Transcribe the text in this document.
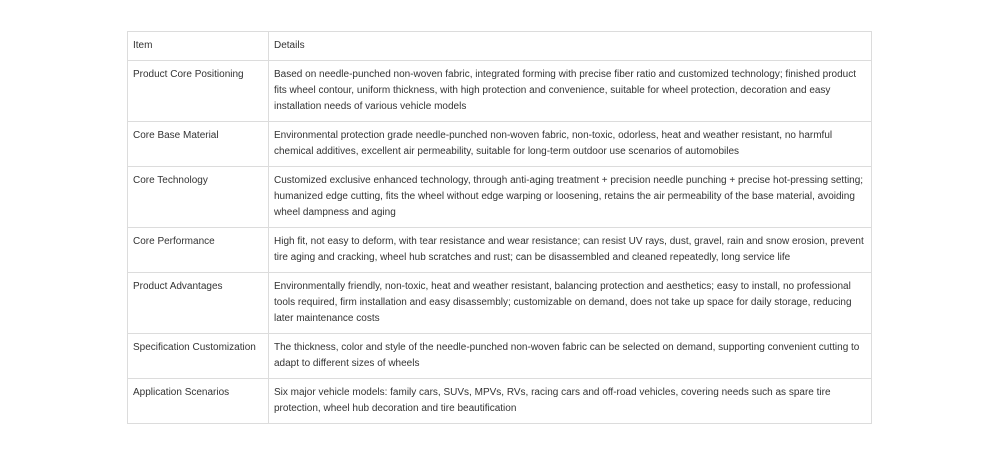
Item	Details
Product Core Positioning	Based on needle-punched non-woven fabric, integrated forming with precise fiber ratio and customized technology; finished product fits wheel contour, uniform thickness, with high protection and convenience, suitable for wheel protection, decoration and easy installation needs of various vehicle models
Core Base Material	Environmental protection grade needle-punched non-woven fabric, non-toxic, odorless, heat and weather resistant, no harmful chemical additives, excellent air permeability, suitable for long-term outdoor use scenarios of automobiles
Core Technology	Customized exclusive enhanced technology, through anti-aging treatment + precision needle punching + precise hot-pressing setting; humanized edge cutting, fits the wheel without edge warping or loosening, retains the air permeability of the base material, avoiding wheel dampness and aging
Core Performance	High fit, not easy to deform, with tear resistance and wear resistance; can resist UV rays, dust, gravel, rain and snow erosion, prevent tire aging and cracking, wheel hub scratches and rust; can be disassembled and cleaned repeatedly, long service life
Product Advantages	Environmentally friendly, non-toxic, heat and weather resistant, balancing protection and aesthetics; easy to install, no professional tools required, firm installation and easy disassembly; customizable on demand, does not take up space for daily storage, reducing later maintenance costs
Specification Customization	The thickness, color and style of the needle-punched non-woven fabric can be selected on demand, supporting convenient cutting to adapt to different sizes of wheels
Application Scenarios	Six major vehicle models: family cars, SUVs, MPVs, RVs, racing cars and off-road vehicles, covering needs such as spare tire protection, wheel hub decoration and tire beautification
